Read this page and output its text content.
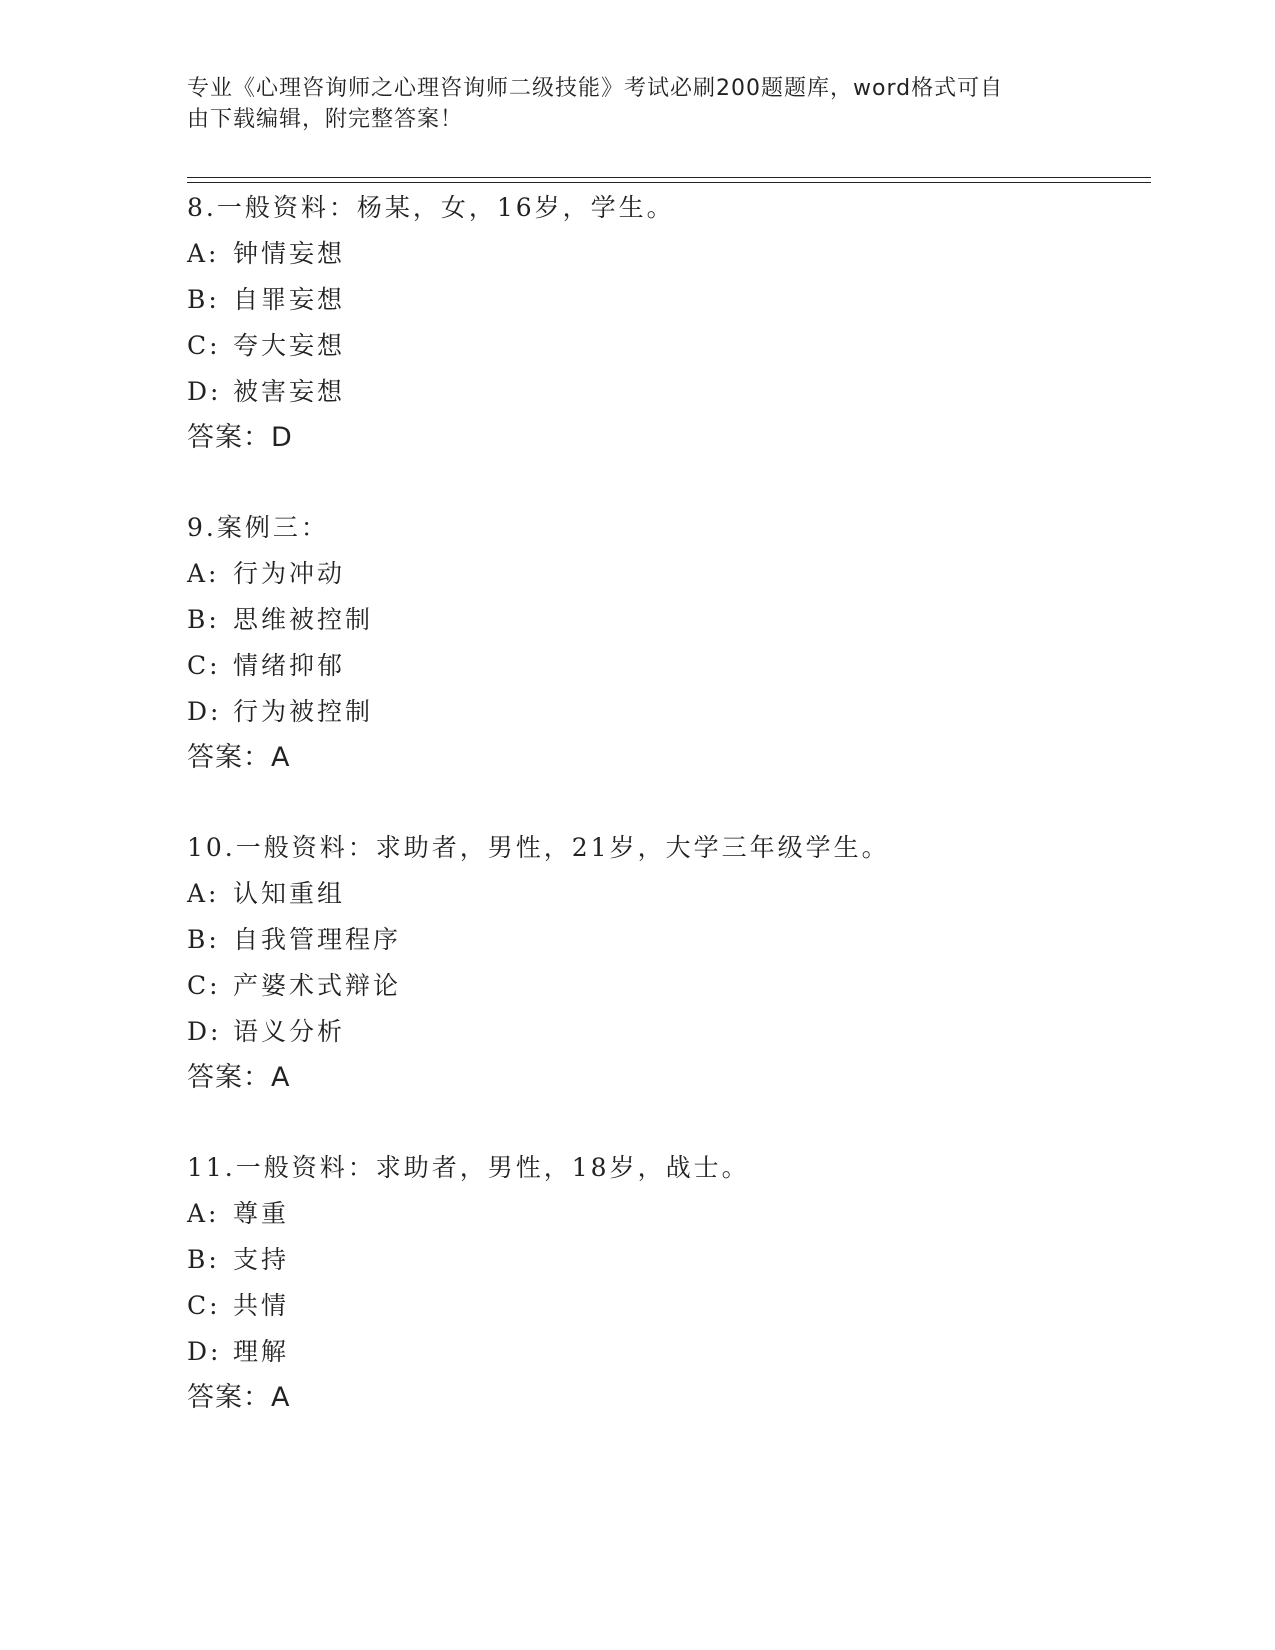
专业《心理咨询师之心理咨询师二级技能》考试必刷200题题库，word格式可自
由下载编辑，附完整答案！
8.一般资料：杨某，女，16岁，学生。
A: 钟情妄想
B: 自罪妄想
C: 夸大妄想
D: 被害妄想
答案：D
9.案例三：
A: 行为冲动
B: 思维被控制
C: 情绪抑郁
D: 行为被控制
答案：A
10.一般资料：求助者，男性，21岁，大学三年级学生。
A: 认知重组
B: 自我管理程序
C: 产婆术式辩论
D: 语义分析
答案：A
11.一般资料：求助者，男性，18岁，战士。
A: 尊重
B: 支持
C: 共情
D: 理解
答案：A
